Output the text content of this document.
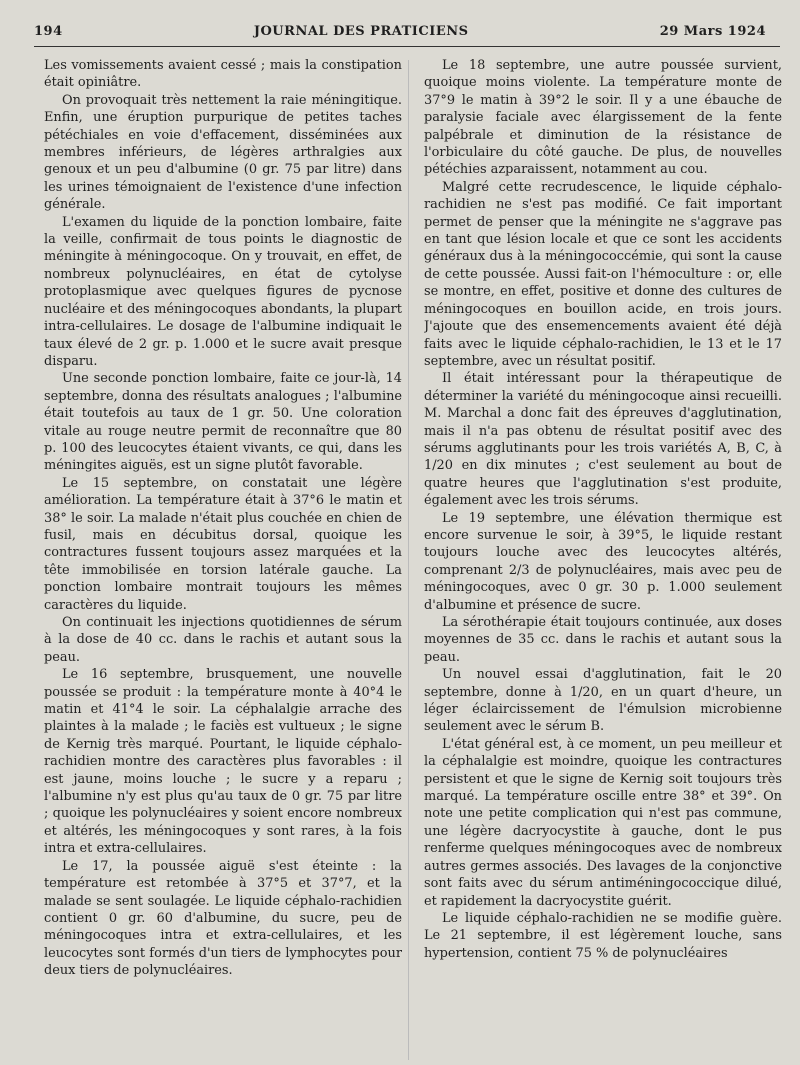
194	JOURNAL DES PRATICIENS	29 Mars 1924

Les vomissements avaient cessé ; mais la constipation était opiniâtre.

On provoquait très nettement la raie méningitique. Enfin, une éruption purpurique de petites taches pétéchiales en voie d'effacement, disséminées aux membres inférieurs, de légères arthralgies aux genoux et un peu d'albumine (0 gr. 75 par litre) dans les urines témoignaient de l'existence d'une infection générale.

L'examen du liquide de la ponction lombaire, faite la veille, confirmait de tous points le diagnostic de méningite à méningocoque. On y trouvait, en effet, de nombreux polynucléaires, en état de cytolyse protoplasmique avec quelques figures de pycnose nucléaire et des méningocoques abondants, la plupart intra-cellulaires. Le dosage de l'albumine indiquait le taux élevé de 2 gr. p. 1.000 et le sucre avait presque disparu.

Une seconde ponction lombaire, faite ce jour-là, 14 septembre, donna des résultats analogues ; l'albumine était toutefois au taux de 1 gr. 50. Une coloration vitale au rouge neutre permit de reconnaître que 80 p. 100 des leucocytes étaient vivants, ce qui, dans les méningites aiguës, est un signe plutôt favorable.

Le 15 septembre, on constatait une légère amélioration. La température était à 37°6 le matin et 38° le soir. La malade n'était plus couchée en chien de fusil, mais en décubitus dorsal, quoique les contractures fussent toujours assez marquées et la tête immobilisée en torsion latérale gauche. La ponction lombaire montrait toujours les mêmes caractères du liquide.

On continuait les injections quotidiennes de sérum à la dose de 40 cc. dans le rachis et autant sous la peau.

Le 16 septembre, brusquement, une nouvelle poussée se produit : la température monte à 40°4 le matin et 41°4 le soir. La céphalalgie arrache des plaintes à la malade ; le faciès est vultueux ; le signe de Kernig très marqué. Pourtant, le liquide céphalo-rachidien montre des caractères plus favorables : il est jaune, moins louche ; le sucre y a reparu ; l'albumine n'y est plus qu'au taux de 0 gr. 75 par litre ; quoique les polynucléaires y soient encore nombreux et altérés, les méningocoques y sont rares, à la fois intra et extra-cellulaires.

Le 17, la poussée aiguë s'est éteinte : la température est retombée à 37°5 et 37°7, et la malade se sent soulagée. Le liquide céphalo-rachidien contient 0 gr. 60 d'albumine, du sucre, peu de méningocoques intra et extra-cellulaires, et les leucocytes sont formés d'un tiers de lymphocytes pour deux tiers de polynucléaires.

Le 18 septembre, une autre poussée survient, quoique moins violente. La température monte de 37°9 le matin à 39°2 le soir. Il y a une ébauche de paralysie faciale avec élargissement de la fente palpébrale et diminution de la résistance de l'orbiculaire du côté gauche. De plus, de nouvelles pétéchies azparaissent, notamment au cou.

Malgré cette recrudescence, le liquide céphalo-rachidien ne s'est pas modifié. Ce fait important permet de penser que la méningite ne s'aggrave pas en tant que lésion locale et que ce sont les accidents généraux dus à la méningococcémie, qui sont la cause de cette poussée. Aussi fait-on l'hémoculture : or, elle se montre, en effet, positive et donne des cultures de méningocoques en bouillon acide, en trois jours. J'ajoute que des ensemencements avaient été déjà faits avec le liquide céphalo-rachidien, le 13 et le 17 septembre, avec un résultat positif.

Il était intéressant pour la thérapeutique de déterminer la variété du méningocoque ainsi recueilli. M. Marchal a donc fait des épreuves d'agglutination, mais il n'a pas obtenu de résultat positif avec des sérums agglutinants pour les trois variétés A, B, C, à 1/20 en dix minutes ; c'est seulement au bout de quatre heures que l'agglutination s'est produite, également avec les trois sérums.

Le 19 septembre, une élévation thermique est encore survenue le soir, à 39°5, le liquide restant toujours louche avec des leucocytes altérés, comprenant 2/3 de polynucléaires, mais avec peu de méningocoques, avec 0 gr. 30 p. 1.000 seulement d'albumine et présence de sucre.

La sérothérapie était toujours continuée, aux doses moyennes de 35 cc. dans le rachis et autant sous la peau.

Un nouvel essai d'agglutination, fait le 20 septembre, donne à 1/20, en un quart d'heure, un léger éclaircissement de l'émulsion microbienne seulement avec le sérum B.

L'état général est, à ce moment, un peu meilleur et la céphalalgie est moindre, quoique les contractures persistent et que le signe de Kernig soit toujours très marqué. La température oscille entre 38° et 39°. On note une petite complication qui n'est pas commune, une légère dacryocystite à gauche, dont le pus renferme quelques méningocoques avec de nombreux autres germes associés. Des lavages de la conjonctive sont faits avec du sérum antiméningococcique dilué, et rapidement la dacryocystite guérit.

Le liquide céphalo-rachidien ne se modifie guère. Le 21 septembre, il est légèrement louche, sans hypertension, contient 75 % de polynucléaires
